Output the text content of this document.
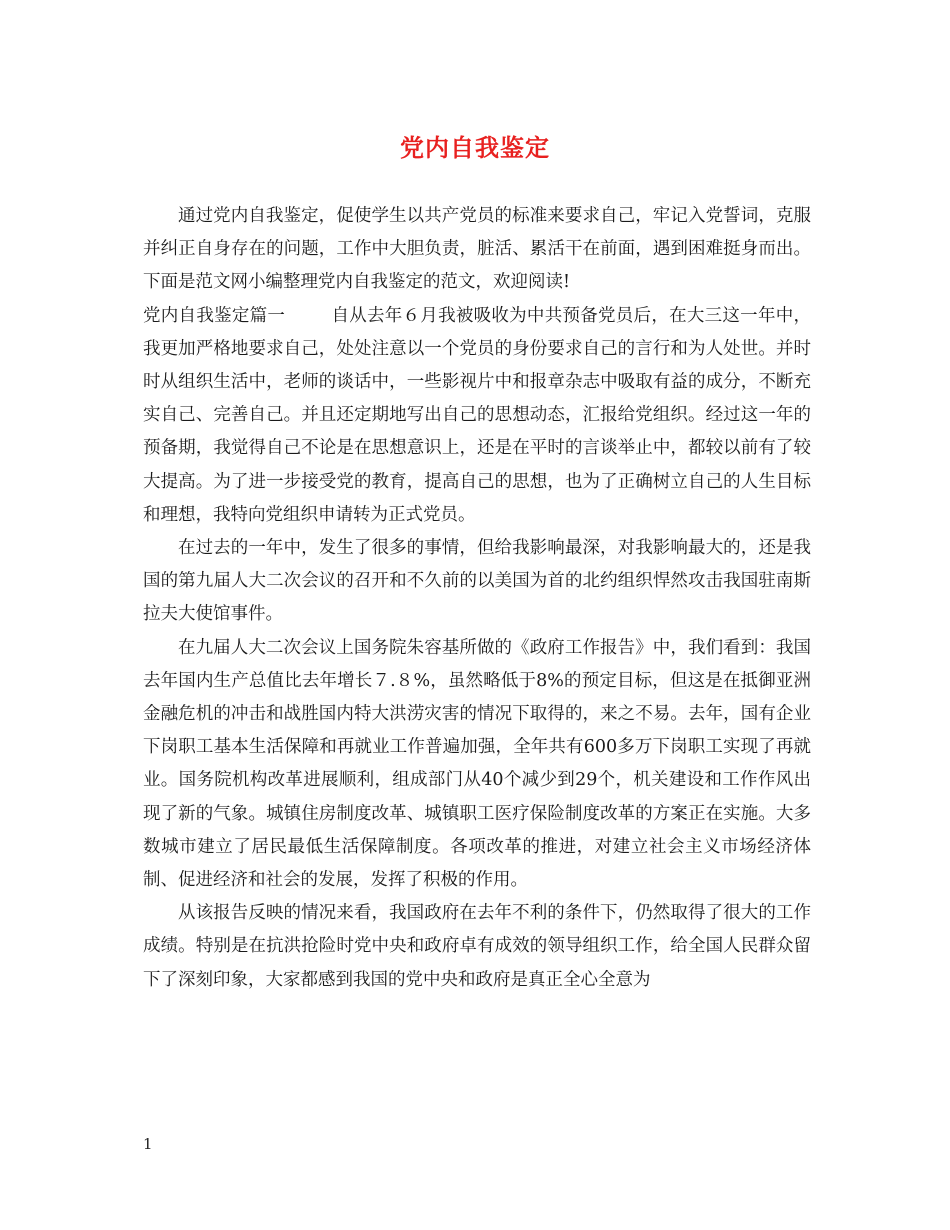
党内自我鉴定

通过党内自我鉴定，促使学生以共产党员的标准来要求自己，牢记入党誓词，克服并纠正自身存在的问题，工作中大胆负责，脏活、累活干在前面，遇到困难挺身而出。下面是范文网小编整理党内自我鉴定的范文，欢迎阅读!

党内自我鉴定篇一	自从去年６月我被吸收为中共预备党员后，在大三这一年中，我更加严格地要求自己，处处注意以一个党员的身份要求自己的言行和为人处世。并时时从组织生活中，老师的谈话中，一些影视片中和报章杂志中吸取有益的成分，不断充实自己、完善自己。并且还定期地写出自己的思想动态，汇报给党组织。经过这一年的预备期，我觉得自己不论是在思想意识上，还是在平时的言谈举止中，都较以前有了较大提高。为了进一步接受党的教育，提高自己的思想，也为了正确树立自己的人生目标和理想，我特向党组织申请转为正式党员。

在过去的一年中，发生了很多的事情，但给我影响最深，对我影响最大的，还是我国的第九届人大二次会议的召开和不久前的以美国为首的北约组织悍然攻击我国驻南斯拉夫大使馆事件。

在九届人大二次会议上国务院朱容基所做的《政府工作报告》中，我们看到：我国去年国内生产总值比去年增长７.８%，虽然略低于8%的预定目标，但这是在抵御亚洲金融危机的冲击和战胜国内特大洪涝灾害的情况下取得的，来之不易。去年，国有企业下岗职工基本生活保障和再就业工作普遍加强，全年共有600多万下岗职工实现了再就业。国务院机构改革进展顺利，组成部门从40个减少到29个，机关建设和工作作风出现了新的气象。城镇住房制度改革、城镇职工医疗保险制度改革的方案正在实施。大多数城市建立了居民最低生活保障制度。各项改革的推进，对建立社会主义市场经济体制、促进经济和社会的发展，发挥了积极的作用。

从该报告反映的情况来看，我国政府在去年不利的条件下，仍然取得了很大的工作成绩。特别是在抗洪抢险时党中央和政府卓有成效的领导组织工作，给全国人民群众留下了深刻印象，大家都感到我国的党中央和政府是真正全心全意为

1
